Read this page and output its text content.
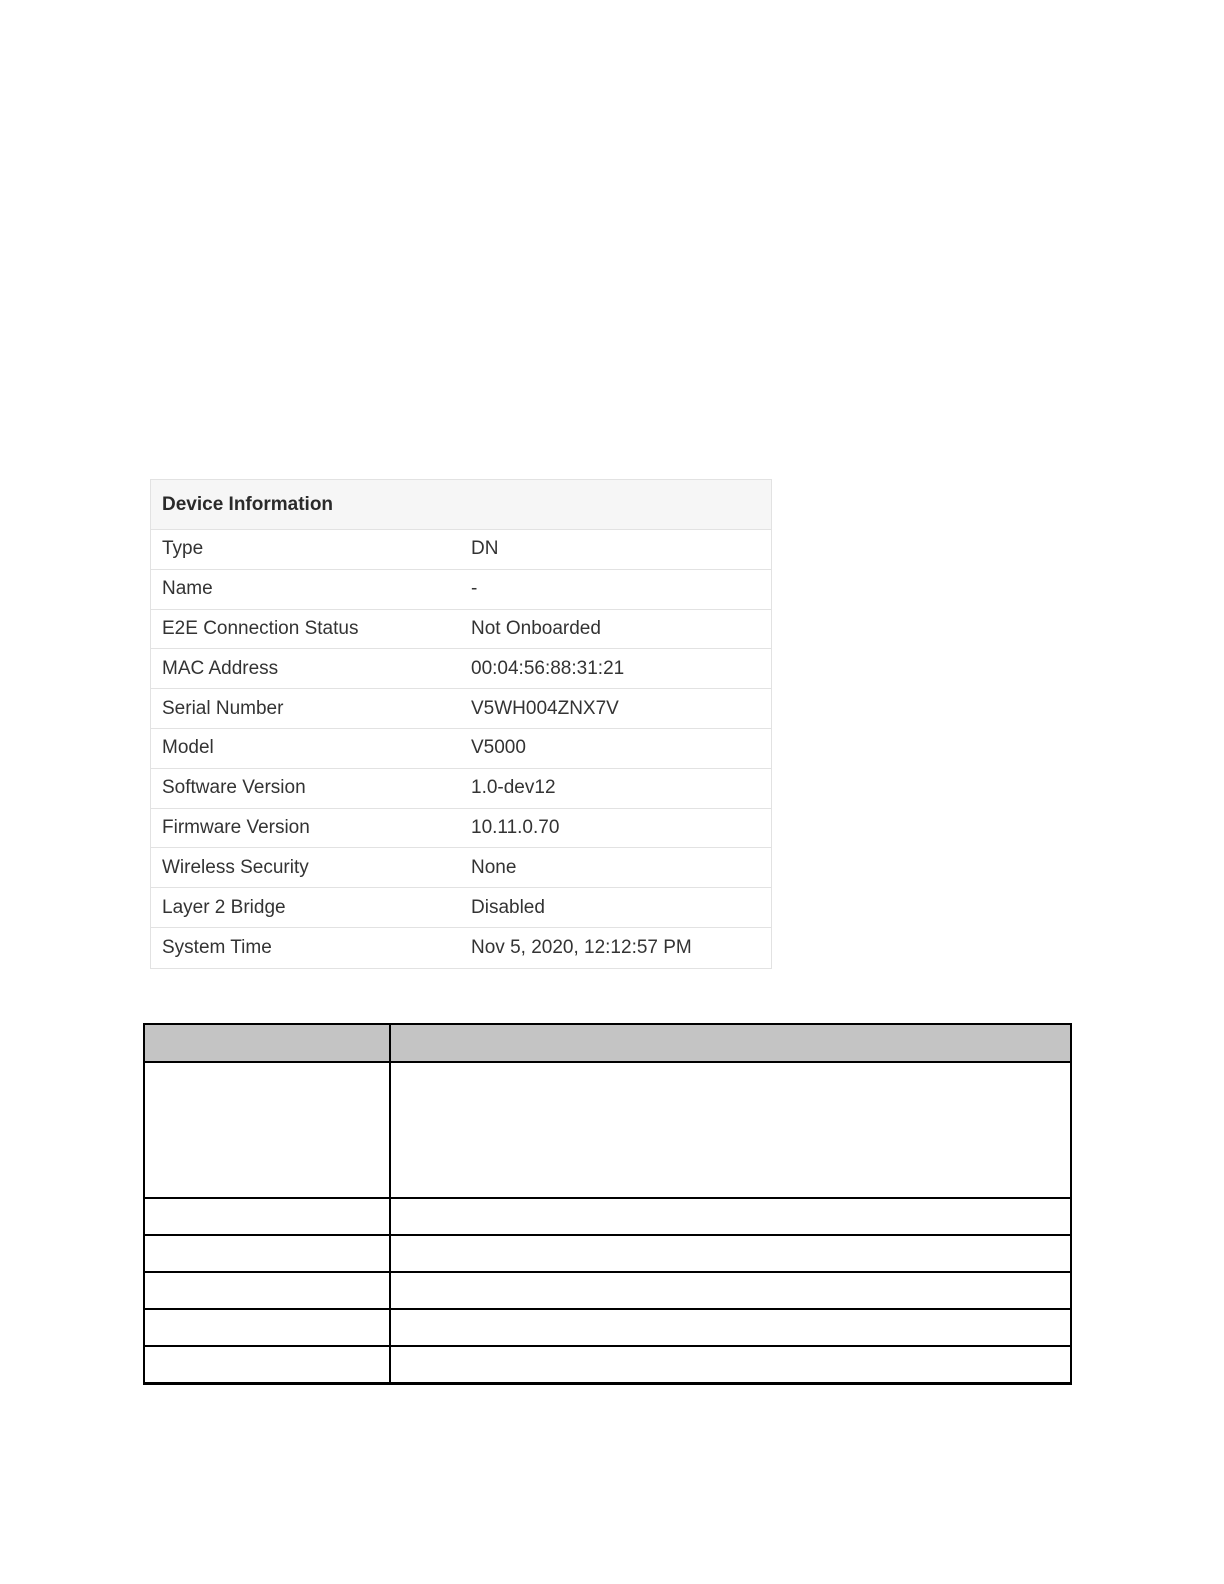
Device Information
Type	DN
Name	-
E2E Connection Status	Not Onboarded
MAC Address	00:04:56:88:31:21
Serial Number	V5WH004ZNX7V
Model	V5000
Software Version	1.0-dev12
Firmware Version	10.11.0.70
Wireless Security	None
Layer 2 Bridge	Disabled
System Time	Nov 5, 2020, 12:12:57 PM
